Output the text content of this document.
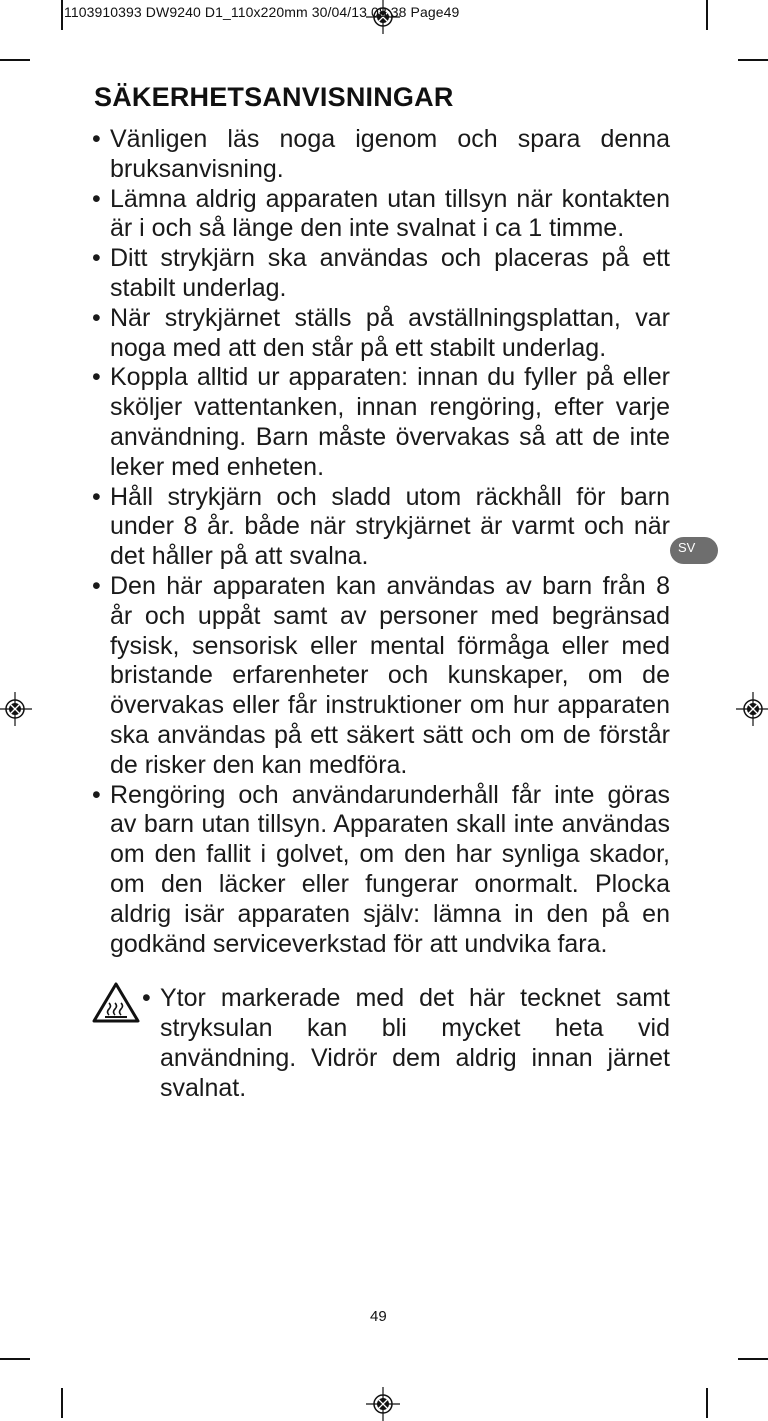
1103910393 DW9240 D1_110x220mm 30/04/13 08:38 Page49
SÄKERHETSANVISNINGAR

• Vänligen läs noga igenom och spara denna bruksanvisning.

• Lämna aldrig apparaten utan tillsyn när kontakten är i och så länge den inte svalnat i ca 1 timme.

• Ditt strykjärn ska användas och placeras på ett stabilt underlag.

• När strykjärnet ställs på avställningsplattan, var noga med att den står på ett stabilt underlag.

• Koppla alltid ur apparaten: innan du fyller på eller sköljer vattentanken, innan rengöring, efter varje användning. Barn måste övervakas så att de inte leker med enheten.

• Håll strykjärn och sladd utom räckhåll för barn under 8 år. både när strykjärnet är varmt och när det håller på att svalna.

• Den här apparaten kan användas av barn från 8 år och uppåt samt av personer med begränsad fysisk, sensorisk eller mental förmåga eller med bristande erfarenheter och kunskaper, om de övervakas eller får instruktioner om hur apparaten ska användas på ett säkert sätt och om de förstår de risker den kan medföra.

• Rengöring och användarunderhåll får inte göras av barn utan tillsyn. Apparaten skall inte användas om den fallit i golvet, om den har synliga skador, om den läcker eller fungerar onormalt. Plocka aldrig isär apparaten själv: lämna in den på en godkänd serviceverkstad för att undvika fara.

• Ytor markerade med det här tecknet samt stryksulan kan bli mycket heta vid användning. Vidrör dem aldrig innan järnet svalnat.

SV
49
